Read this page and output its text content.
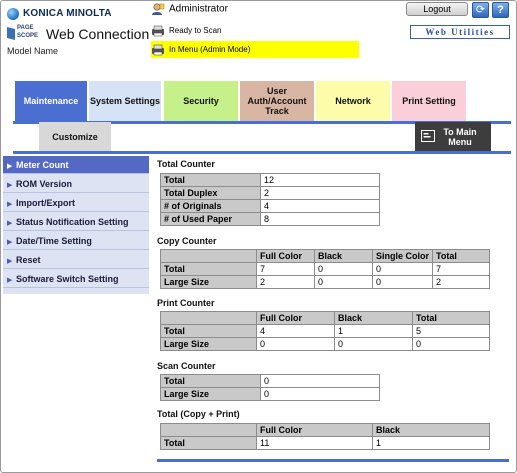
KONICA MINOLTA
PAGE
SCOPE Web Connection
Model Name
Administrator
Ready to Scan
In Menu (Admin Mode)
Logout	⟳	?
Web Utilities
Maintenance	System Settings	Security
User Auth/Account Track
Network	Print Setting
Customize	To Main Menu
▶ Meter Count
▶ ROM Version
▶ Import/Export
▶ Status Notification Setting
▶ Date/Time Setting
▶ Reset
▶ Software Switch Setting
Total Counter
Total	12
Total Duplex	2
# of Originals	4
# of Used Paper	8
Copy Counter
	Full Color	Black	Single Color	Total
Total	7	0	0	7
Large Size	2	0	0	2
Print Counter
	Full Color	Black	Total
Total	4	1	5
Large Size	0	0	0
Scan Counter
Total	0
Large Size	0
Total (Copy + Print)
	Full Color	Black
Total	11	1
